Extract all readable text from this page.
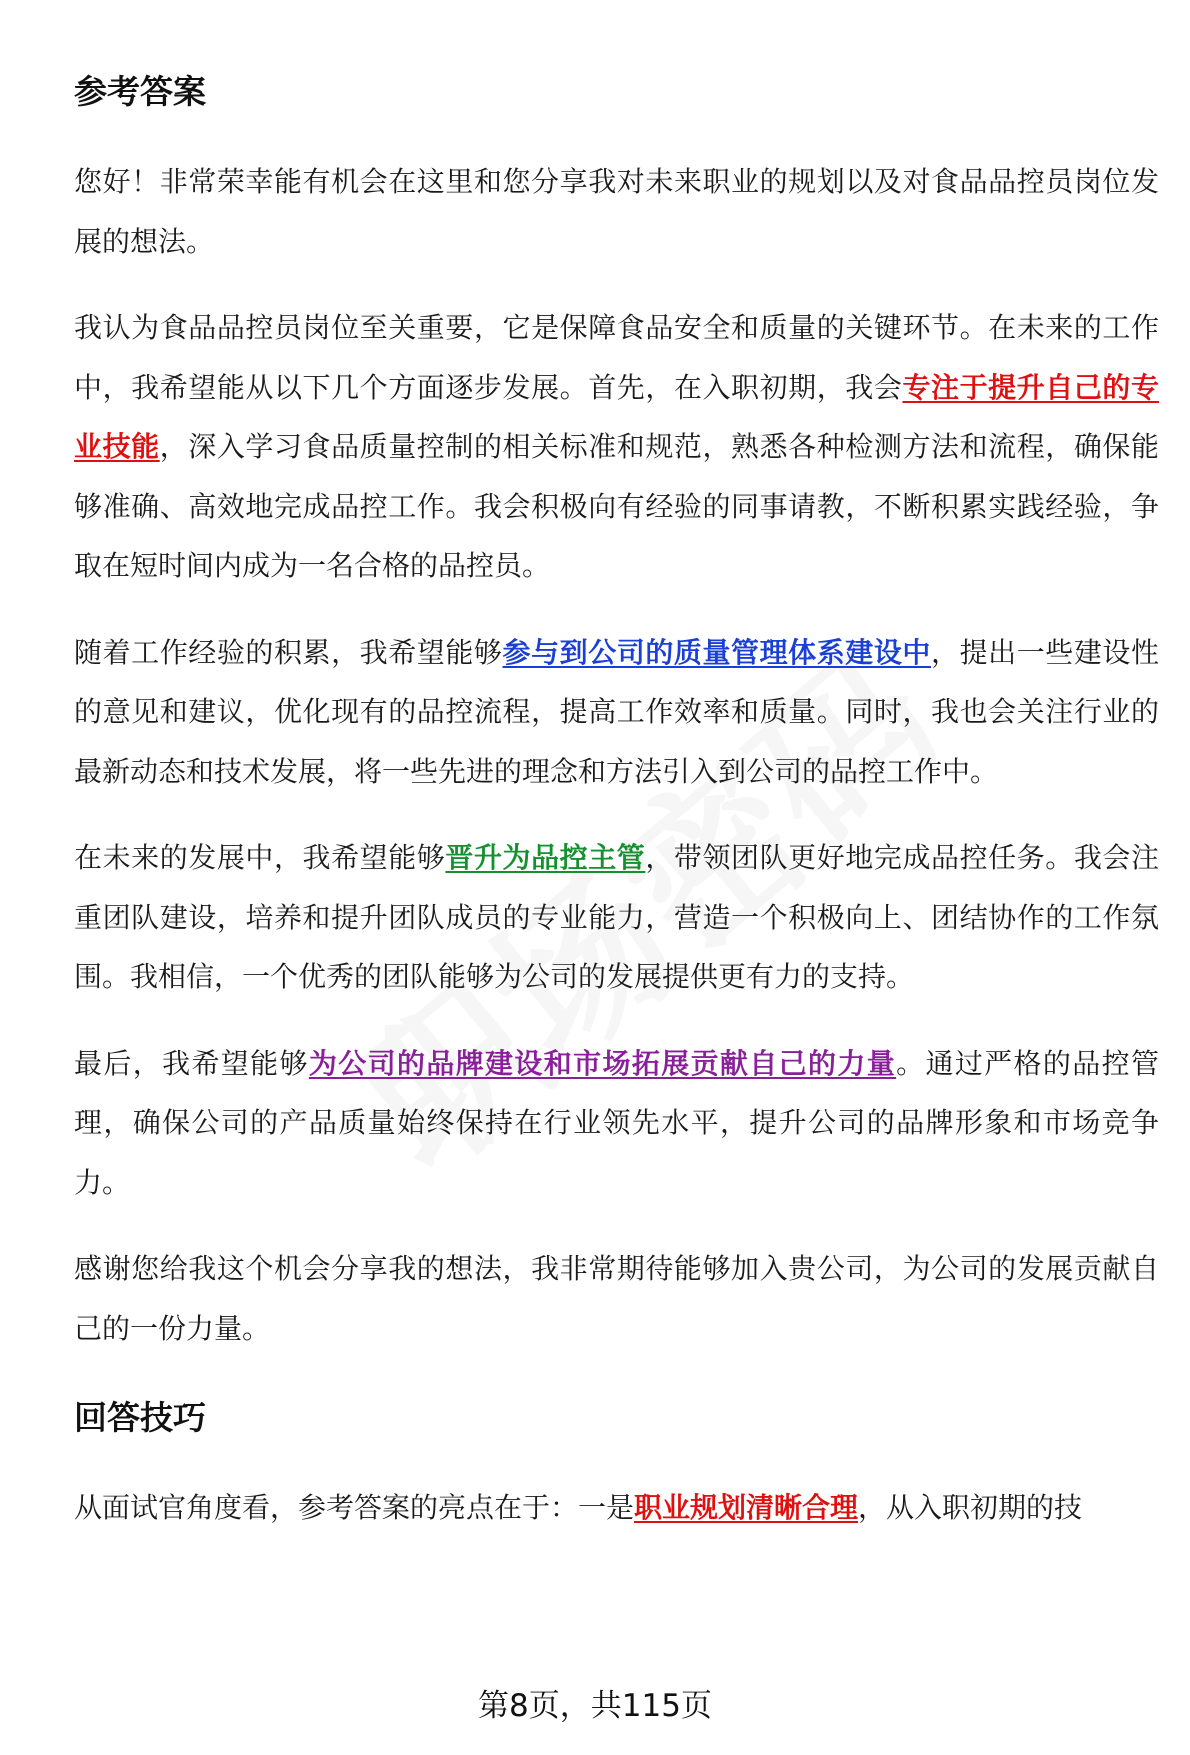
参考答案

您好！非常荣幸能有机会在这里和您分享我对未来职业的规划以及对食品品控员岗位发展的想法。

我认为食品品控员岗位至关重要，它是保障食品安全和质量的关键环节。在未来的工作中，我希望能从以下几个方面逐步发展。首先，在入职初期，我会专注于提升自己的专业技能，深入学习食品质量控制的相关标准和规范，熟悉各种检测方法和流程，确保能够准确、高效地完成品控工作。我会积极向有经验的同事请教，不断积累实践经验，争取在短时间内成为一名合格的品控员。

随着工作经验的积累，我希望能够参与到公司的质量管理体系建设中，提出一些建设性的意见和建议，优化现有的品控流程，提高工作效率和质量。同时，我也会关注行业的最新动态和技术发展，将一些先进的理念和方法引入到公司的品控工作中。

在未来的发展中，我希望能够晋升为品控主管，带领团队更好地完成品控任务。我会注重团队建设，培养和提升团队成员的专业能力，营造一个积极向上、团结协作的工作氛围。我相信，一个优秀的团队能够为公司的发展提供更有力的支持。

最后，我希望能够为公司的品牌建设和市场拓展贡献自己的力量。通过严格的品控管理，确保公司的产品质量始终保持在行业领先水平，提升公司的品牌形象和市场竞争力。

感谢您给我这个机会分享我的想法，我非常期待能够加入贵公司，为公司的发展贡献自己的一份力量。

回答技巧

从面试官角度看，参考答案的亮点在于：一是职业规划清晰合理，从入职初期的技

第8页，共115页
